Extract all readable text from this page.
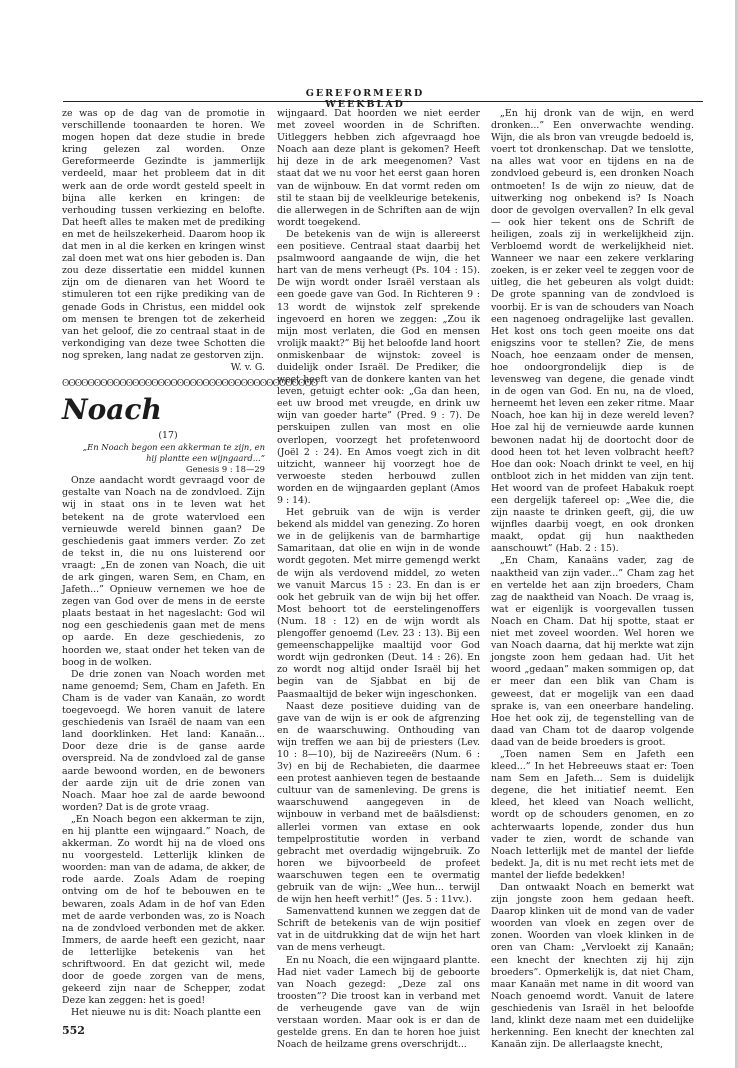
GEREFORMEERD WEEKBLAD

ze was op de dag van de promotie in verschillende toonaarden te horen. We mogen hopen dat deze studie in brede kring gelezen zal worden. Onze Gereformeerde Gezindte is jammerlijk verdeeld, maar het probleem dat in dit werk aan de orde wordt gesteld speelt in bijna alle kerken en kringen: de verhouding tussen verkiezing en belofte. Dat heeft alles te maken met de prediking en met de heilszekerheid. Daarom hoop ik dat men in al die kerken en kringen winst zal doen met wat ons hier geboden is. Dan zou deze dissertatie een middel kunnen zijn om de dienaren van het Woord te stimuleren tot een rijke prediking van de genade Gods in Christus, een middel ook om mensen te brengen tot de zekerheid van het geloof, die zo centraal staat in de verkondiging van deze twee Schotten die nog spreken, lang nadat ze gestorven zijn.

W. v. G.

ʘʘʘʘʘʘʘʘʘʘʘʘʘʘʘʘʘʘʘʘʘʘʘʘʘʘʘʘʘʘʘʘʘʘʘʘʘʘʘʘ
Noach

(17)

„En Noach begon een akkerman te zijn, en hij plantte een wijngaard...”

Genesis 9 : 18—29

Onze aandacht wordt gevraagd voor de gestalte van Noach na de zondvloed. Zijn wij in staat ons in te leven wat het betekent na de grote watervloed een vernieuwde wereld binnen gaan? De geschiedenis gaat immers verder. Zo zet de tekst in, die nu ons luisterend oor vraagt: „En de zonen van Noach, die uit de ark gingen, waren Sem, en Cham, en Jafeth...” Opnieuw vernemen we hoe de zegen van God over de mens in de eerste plaats bestaat in het nageslacht: God wil nog een geschiedenis gaan met de mens op aarde. En deze geschiedenis, zo hoorden we, staat onder het teken van de boog in de wolken.

De drie zonen van Noach worden met name genoemd; Sem, Cham en Jafeth. En Cham is de vader van Kanaän, zo wordt toegevoegd. We horen vanuit de latere geschiedenis van Israël de naam van een land doorklinken. Het land: Kanaän... Door deze drie is de ganse aarde overspreid. Na de zondvloed zal de ganse aarde bewoond worden, en de bewoners der aarde zijn uit de drie zonen van Noach. Maar hoe zal de aarde bewoond worden? Dat is de grote vraag.

„En Noach begon een akkerman te zijn, en hij plantte een wijngaard.” Noach, de akkerman. Zo wordt hij na de vloed ons nu voorgesteld. Letterlijk klinken de woorden: man van de adama, de akker, de rode aarde. Zoals Adam de roeping ontving om de hof te bebouwen en te bewaren, zoals Adam in de hof van Eden met de aarde verbonden was, zo is Noach na de zondvloed verbonden met de akker. Immers, de aarde heeft een gezicht, naar de letterlijke betekenis van het schriftwoord. En dat gezicht wil, mede door de goede zorgen van de mens, gekeerd zijn naar de Schepper, zodat Deze kan zeggen: het is goed!

Het nieuwe nu is dit: Noach plantte een

wijngaard. Dat hoorden we niet eerder met zoveel woorden in de Schriften. Uitleggers hebben zich afgevraagd hoe Noach aan deze plant is gekomen? Heeft hij deze in de ark meegenomen? Vast staat dat we nu voor het eerst gaan horen van de wijnbouw. En dat vormt reden om stil te staan bij de veelkleurige betekenis, die allerwegen in de Schriften aan de wijn wordt toegekend.

De betekenis van de wijn is allereerst een positieve. Centraal staat daarbij het psalmwoord aangaande de wijn, die het hart van de mens verheugt (Ps. 104 : 15). De wijn wordt onder Israël verstaan als een goede gave van God. In Richteren 9 : 13 wordt de wijnstok zelf sprekende ingevoerd en horen we zeggen: „Zou ik mijn most verlaten, die God en mensen vrolijk maakt?” Bij het beloofde land hoort onmiskenbaar de wijnstok: zoveel is duidelijk onder Israël. De Prediker, die weet heeft van de donkere kanten van het leven, getuigt echter ook: „Ga dan heen, eet uw brood met vreugde, en drink uw wijn van goeder harte” (Pred. 9 : 7). De perskuipen zullen van most en olie overlopen, voorzegt het profetenwoord (Joël 2 : 24). En Amos voegt zich in dit uitzicht, wanneer hij voorzegt hoe de verwoeste steden herbouwd zullen worden en de wijngaarden geplant (Amos 9 : 14).

Het gebruik van de wijn is verder bekend als middel van genezing. Zo horen we in de gelijkenis van de barmhartige Samaritaan, dat olie en wijn in de wonde wordt gegoten. Met mirre gemengd werkt de wijn als verdovend middel, zo weten we vanuit Marcus 15 : 23. En dan is er ook het gebruik van de wijn bij het offer. Most behoort tot de eerstelingenoffers (Num. 18 : 12) en de wijn wordt als plengoffer genoemd (Lev. 23 : 13). Bij een gemeenschappelijke maaltijd voor God wordt wijn gedronken (Deut. 14 : 26). En zo wordt nog altijd onder Israël bij het begin van de Sjabbat en bij de Paasmaaltijd de beker wijn ingeschonken.

Naast deze positieve duiding van de gave van de wijn is er ook de afgrenzing en de waarschuwing. Onthouding van wijn treffen we aan bij de priesters (Lev. 10 : 8—10), bij de Nazireeërs (Num. 6 : 3v) en bij de Rechabieten, die daarmee een protest aanhieven tegen de bestaande cultuur van de samenleving. De grens is waarschuwend aangegeven in de wijnbouw in verband met de baälsdienst: allerlei vormen van extase en ook tempelprostitutie worden in verband gebracht met overdadig wijngebruik. Zo horen we bijvoorbeeld de profeet waarschuwen tegen een te overmatig gebruik van de wijn: „Wee hun... terwijl de wijn hen heeft verhit!” (Jes. 5 : 11vv.).

Samenvattend kunnen we zeggen dat de Schrift de betekenis van de wijn positief vat in de uitdrukking dat de wijn het hart van de mens verheugt.

En nu Noach, die een wijngaard plantte. Had niet vader Lamech bij de geboorte van Noach gezegd: „Deze zal ons troosten”? Die troost kan in verband met de verheugende gave van de wijn verstaan worden. Maar ook is er dan de gestelde grens. En dan te horen hoe juist Noach de heilzame grens overschrijdt...

„En hij dronk van de wijn, en werd dronken...” Een onverwachte wending. Wijn, die als bron van vreugde bedoeld is, voert tot dronkenschap. Dat we tenslotte, na alles wat voor en tijdens en na de zondvloed gebeurd is, een dronken Noach ontmoeten! Is de wijn zo nieuw, dat de uitwerking nog onbekend is? Is Noach door de gevolgen overvallen? In elk geval — ook hier tekent ons de Schrift de heiligen, zoals zij in werkelijkheid zijn. Verbloemd wordt de werkelijkheid niet. Wanneer we naar een zekere verklaring zoeken, is er zeker veel te zeggen voor de uitleg, die het gebeuren als volgt duidt: De grote spanning van de zondvloed is voorbij. Er is van de schouders van Noach een nagenoeg ondragelijke last gevallen. Het kost ons toch geen moeite ons dat enigszins voor te stellen? Zie, de mens Noach, hoe eenzaam onder de mensen, hoe ondoorgrondelijk diep is de levensweg van degene, die genade vindt in de ogen van God. En nu, na de vloed, herneemt het leven een zeker ritme. Maar Noach, hoe kan hij in deze wereld leven? Hoe zal hij de vernieuwde aarde kunnen bewonen nadat hij de doortocht door de dood heen tot het leven volbracht heeft? Hoe dan ook: Noach drinkt te veel, en hij ontbloot zich in het midden van zijn tent. Het woord van de profeet Habakuk roept een dergelijk tafereel op: „Wee die, die zijn naaste te drinken geeft, gij, die uw wijnfles daarbij voegt, en ook dronken maakt, opdat gij hun naaktheden aanschouwt” (Hab. 2 : 15).

„En Cham, Kanaäns vader, zag de naaktheid van zijn vader...” Cham zag het en vertelde het aan zijn broeders, Cham zag de naaktheid van Noach. De vraag is, wat er eigenlijk is voorgevallen tussen Noach en Cham. Dat hij spotte, staat er niet met zoveel woorden. Wel horen we van Noach daarna, dat hij merkte wat zijn jongste zoon hem gedaan had. Uit het woord „gedaan” maken sommigen op, dat er meer dan een blik van Cham is geweest, dat er mogelijk van een daad sprake is, van een oneerbare handeling. Hoe het ook zij, de tegenstelling van de daad van Cham tot de daarop volgende daad van de beide broeders is groot.

„Toen namen Sem en Jafeth een kleed...” In het Hebreeuws staat er: Toen nam Sem en Jafeth... Sem is duidelijk degene, die het initiatief neemt. Een kleed, het kleed van Noach wellicht, wordt op de schouders genomen, en zo achterwaarts lopende, zonder dus hun vader te zien, wordt de schande van Noach letterlijk met de mantel der liefde bedekt. Ja, dit is nu met recht iets met de mantel der liefde bedekken!

Dan ontwaakt Noach en bemerkt wat zijn jongste zoon hem gedaan heeft. Daarop klinken uit de mond van de vader woorden van vloek en zegen over de zonen. Woorden van vloek klinken in de oren van Cham: „Vervloekt zij Kanaän; een knecht der knechten zij hij zijn broeders”. Opmerkelijk is, dat niet Cham, maar Kanaän met name in dit woord van Noach genoemd wordt. Vanuit de latere geschiedenis van Israël in het beloofde land, klinkt deze naam met een duidelijke herkenning. Een knecht der knechten zal Kanaän zijn. De allerlaagste knecht,

552
